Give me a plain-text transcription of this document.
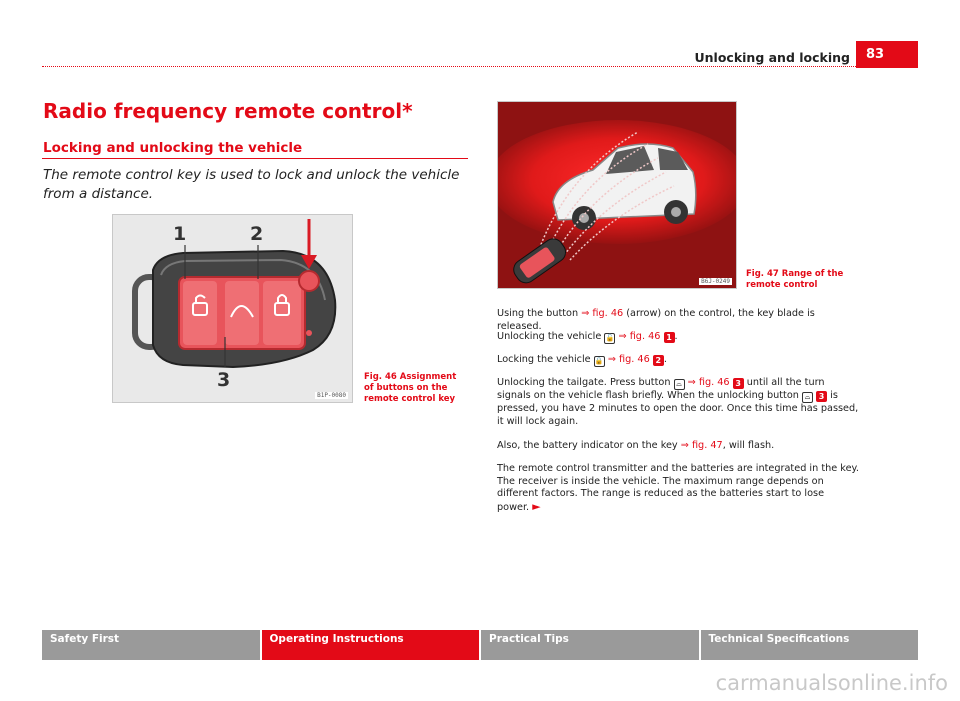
Unlocking and locking	83
Radio frequency remote control*
Locking and unlocking the vehicle
The remote control key is used to lock and unlock the vehicle from a distance.
1	2
3
B1P-0080
Fig. 46 Assignment of buttons on the remote control key
B6J-0249
Fig. 47 Range of the remote control
Using the button ⇒ fig. 46 (arrow) on the control, the key blade is released.
Unlocking the vehicle 🔓 ⇒ fig. 46 1 .
Locking the vehicle 🔒 ⇒ fig. 46 2 .
Unlocking the tailgate. Press button ⌓ ⇒ fig. 46 3 until all the turn signals on the vehicle flash briefly. When the unlocking button ⌓ 3 is pressed, you have 2 minutes to open the door. Once this time has passed, it will lock again.
Also, the battery indicator on the key ⇒ fig. 47, will flash.
The remote control transmitter and the batteries are integrated in the key. The receiver is inside the vehicle. The maximum range depends on different factors. The range is reduced as the batteries start to lose power. ►
Safety First	Operating Instructions	Practical Tips	Technical Specifications
carmanualsonline.info
